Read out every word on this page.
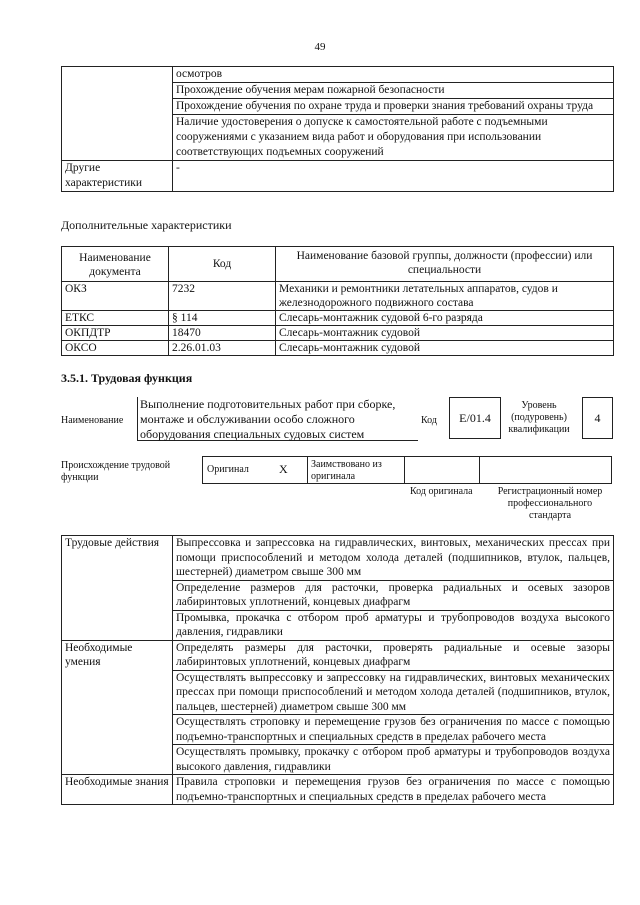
49

	осмотров
Прохождение обучения мерам пожарной безопасности
Прохождение обучения по охране труда и проверки знания требований охраны труда
Наличие удостоверения о допуске к самостоятельной работе с подъемными сооружениями с указанием вида работ и оборудования при использовании соответствующих подъемных сооружений

Другие характеристики	-
Дополнительные характеристики
Наименование документа	Код	Наименование базовой группы, должности (профессии) или специальности
ОКЗ	7232	Механики и ремонтники летательных аппаратов, судов и железнодорожного подвижного состава
ЕТКС	§ 114	Слесарь-монтажник судовой 6-го разряда
ОКПДТР	18470	Слесарь-монтажник судовой
ОКСО	2.26.01.03	Слесарь-монтажник судовой
3.5.1. Трудовая функция
Наименование
Выполнение подготовительных работ при сборке, монтаже и обслуживании особо сложного оборудования специальных судовых систем
Код	E/01.4
Уровень (подуровень) квалификации
4
Происхождение трудовой функции
Оригинал	X Заимствовано из оригинала
Код оригинала	Регистрационный номер профессионального стандарта
Трудовые действия	Выпрессовка и запрессовка на гидравлических, винтовых, механических прессах при помощи приспособлений и методом холода деталей (подшипников, втулок, пальцев, шестерней) диаметром свыше 300 мм
	Определение размеров для расточки, проверка радиальных и осевых зазоров лабиринтовых уплотнений, концевых диафрагм
	Промывка, прокачка с отбором проб арматуры и трубопроводов воздуха высокого давления, гидравлики
Необходимые умения	Определять размеры для расточки, проверять радиальные и осевые зазоры лабиринтовых уплотнений, концевых диафрагм
	Осуществлять выпрессовку и запрессовку на гидравлических, винтовых механических прессах при помощи приспособлений и методом холода деталей (подшипников, втулок, пальцев, шестерней) диаметром свыше 300 мм
	Осуществлять строповку и перемещение грузов без ограничения по массе с помощью подъемно-транспортных и специальных средств в пределах рабочего места
	Осуществлять промывку, прокачку с отбором проб арматуры и трубопроводов воздуха высокого давления, гидравлики
Необходимые знания	Правила строповки и перемещения грузов без ограничения по массе с помощью подъемно-транспортных и специальных средств в пределах рабочего места
